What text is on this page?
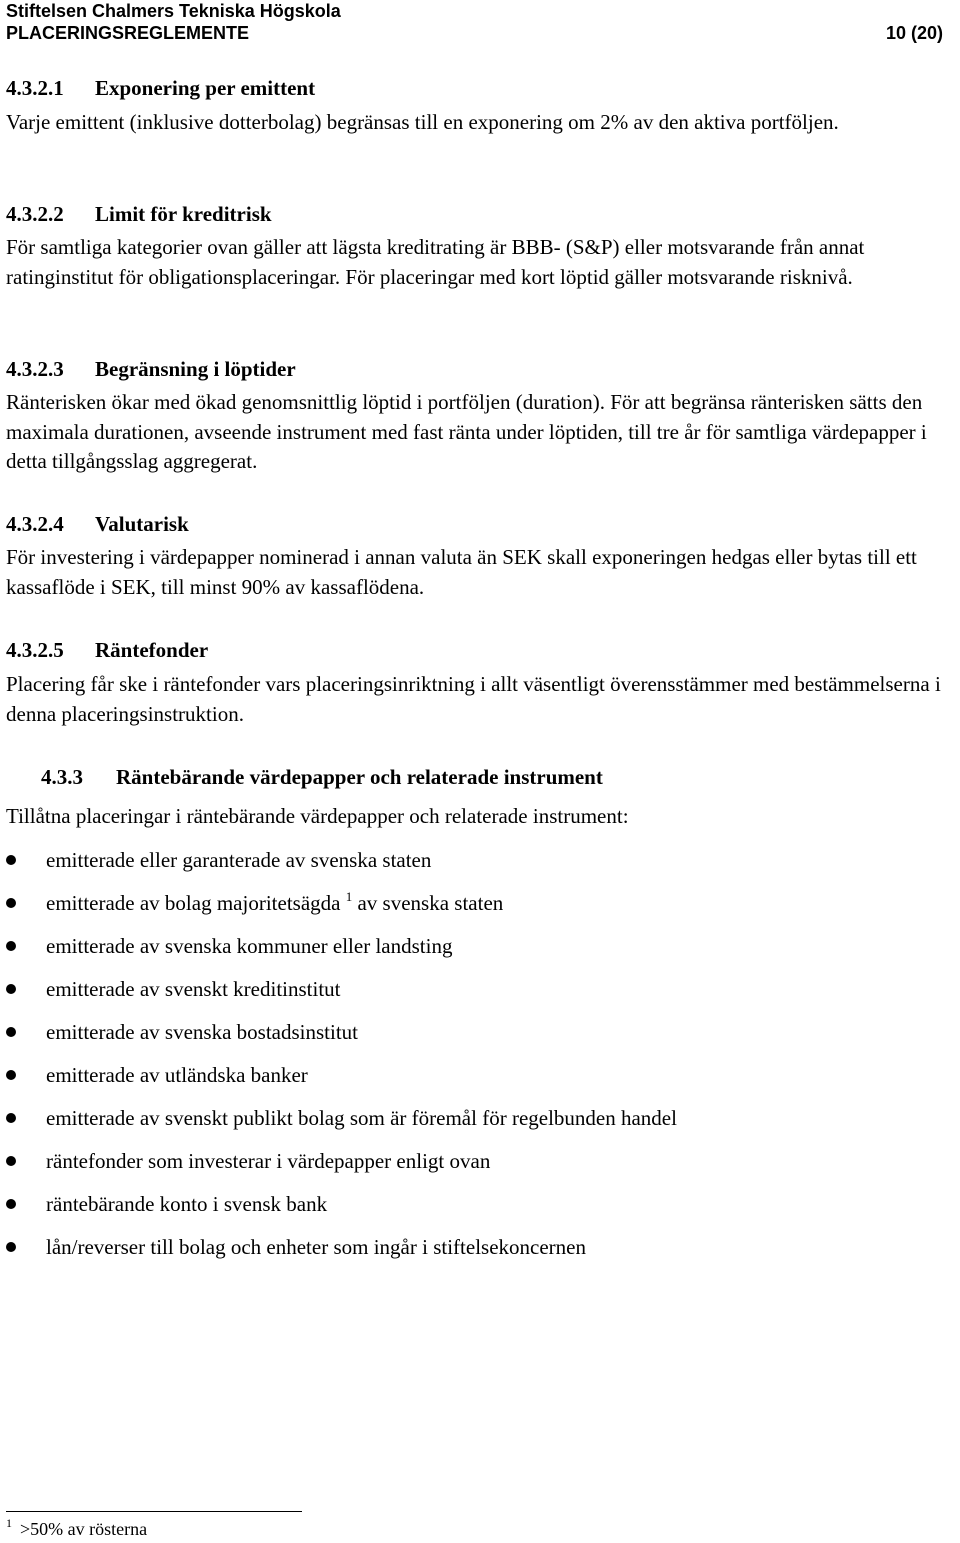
Stiftelsen Chalmers Tekniska Högskola
PLACERINGSREGLEMENTE	10 (20)
4.3.2.1 Exponering per emittent
Varje emittent (inklusive dotterbolag) begränsas till en exponering om 2% av den aktiva portföljen.
4.3.2.2 Limit för kreditrisk
För samtliga kategorier ovan gäller att lägsta kreditrating är BBB- (S&P) eller motsvarande från annat ratinginstitut för obligationsplaceringar. För placeringar med kort löptid gäller motsvarande risknivå.
4.3.2.3 Begränsning i löptider
Ränterisken ökar med ökad genomsnittlig löptid i portföljen (duration). För att begränsa ränterisken sätts den maximala durationen, avseende instrument med fast ränta under löptiden, till tre år för samtliga värdepapper i detta tillgångsslag aggregerat.
4.3.2.4 Valutarisk
För investering i värdepapper nominerad i annan valuta än SEK skall exponeringen hedgas eller bytas till ett kassaflöde i SEK, till minst 90% av kassaflödena.
4.3.2.5 Räntefonder
Placering får ske i räntefonder vars placeringsinriktning i allt väsentligt överensstämmer med bestämmelserna i denna placeringsinstruktion.
4.3.3 Räntebärande värdepapper och relaterade instrument
Tillåtna placeringar i räntebärande värdepapper och relaterade instrument:
emitterade eller garanterade av svenska staten
emitterade av bolag majoritetsägda $^1$ av svenska staten
emitterade av svenska kommuner eller landsting
emitterade av svenskt kreditinstitut
emitterade av svenska bostadsinstitut
emitterade av utländska banker
emitterade av svenskt publikt bolag som är föremål för regelbunden handel
räntefonder som investerar i värdepapper enligt ovan
räntebärande konto i svensk bank
lån/reverser till bolag och enheter som ingår i stiftelsekoncernen
$^1$ >50% av rösterna
